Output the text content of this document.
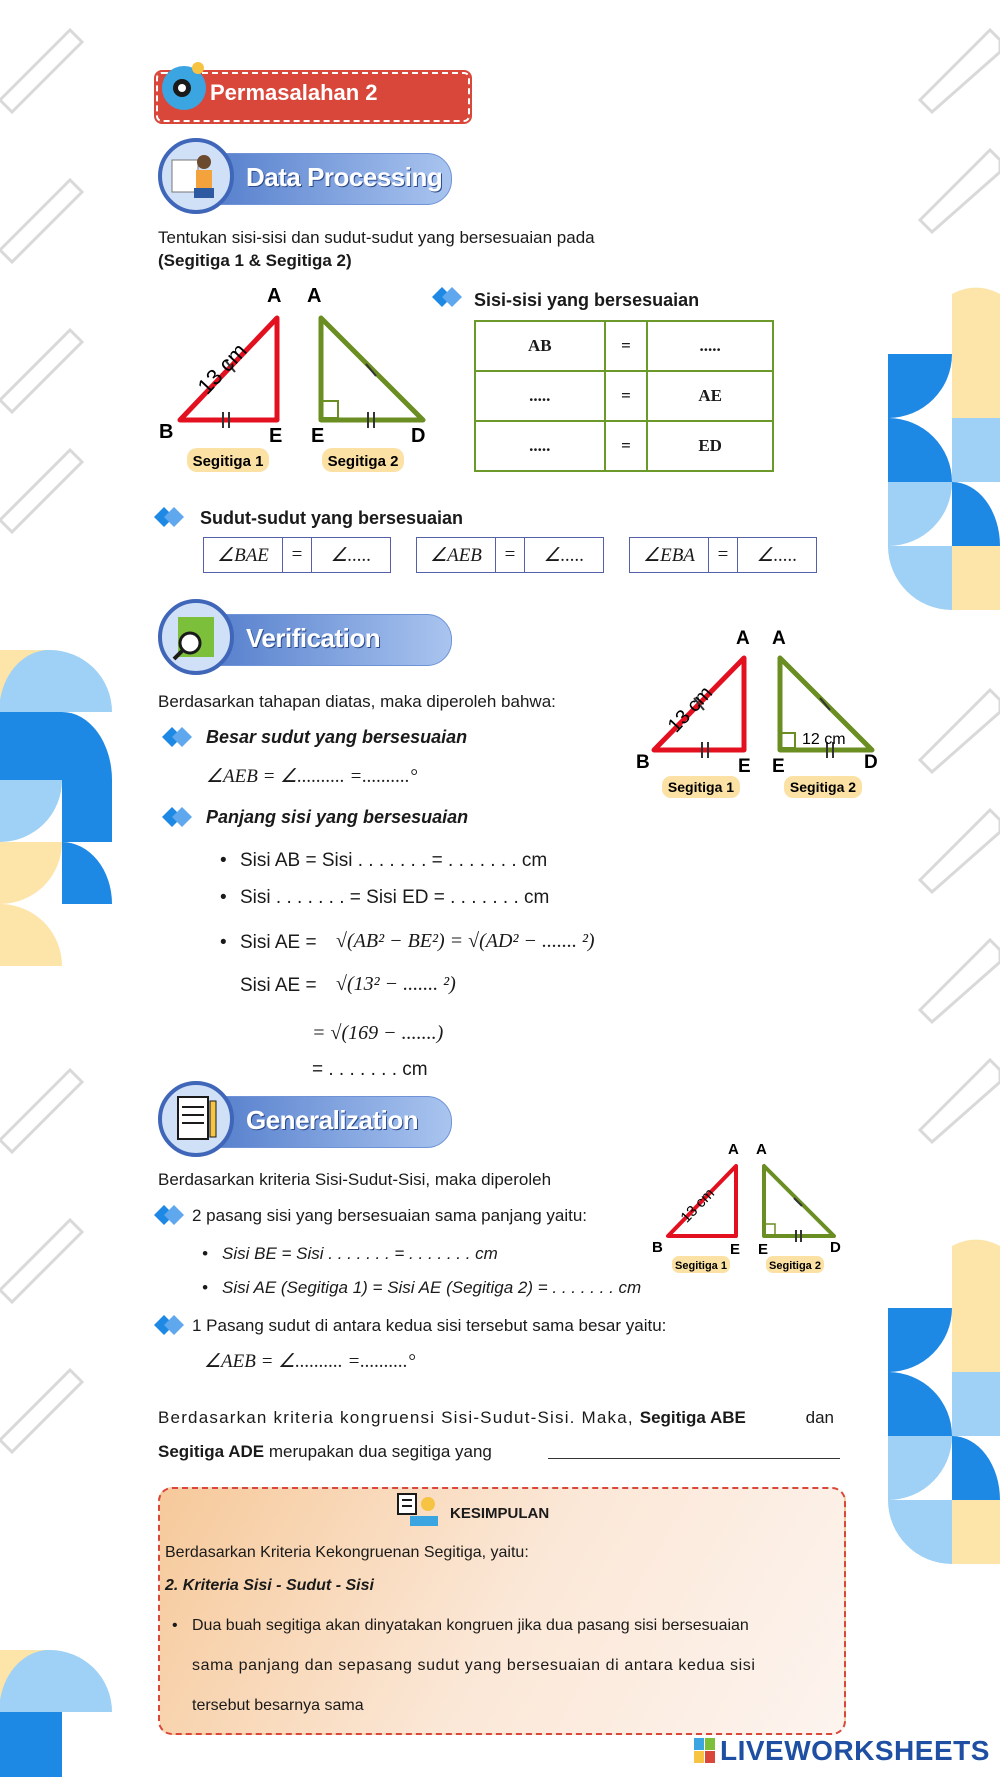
Permasalahan 2
Data Processing
Tentukan sisi-sisi dan sudut-sudut yang bersesuaian pada
(Segitiga 1 & Segitiga 2)
13 cm
A
B	E
A
E	D
Segitiga 1	Segitiga 2
Sisi-sisi yang bersesuaian
AB	=	.....
.....	=	AE
.....	=	ED
Sudut-sudut yang bersesuaian
∠BAE	=	∠.....	∠AEB	=	∠.....	∠EBA	=	∠.....
Verification
Berdasarkan tahapan diatas, maka diperoleh bahwa:	13 cm
12 cm
A
B	E
A
E	D
Segitiga 1	Segitiga 2
Besar sudut yang bersesuaian
∠AEB = ∠.......... =..........°
Panjang sisi yang bersesuaian
• Sisi AB = Sisi . . . . . . . = . . . . . . . cm
• Sisi . . . . . . . = Sisi ED = . . . . . . . cm
• Sisi AE = √(AB² − BE²) = √(AD² − ....... ²)
Sisi AE = √(13² − ....... ²)
= √(169 − .......)
= . . . . . . . cm
Generalization
Berdasarkan kriteria Sisi-Sudut-Sisi, maka diperoleh
13 cm
A
B	E
A
E	D
Segitiga 1	Segitiga 2
2 pasang sisi yang bersesuaian sama panjang yaitu:
• Sisi BE = Sisi . . . . . . . = . . . . . . . cm
• Sisi AE (Segitiga 1) = Sisi AE (Segitiga 2) = . . . . . . . cm
1 Pasang sudut di antara kedua sisi tersebut sama besar yaitu:
∠AEB = ∠.......... =..........°
Berdasarkan kriteria kongruensi Sisi-Sudut-Sisi. Maka, Segitiga ABE	dan
Segitiga ADE merupakan dua segitiga yang
KESIMPULAN
Berdasarkan Kriteria Kekongruenan Segitiga, yaitu:
2. Kriteria Sisi - Sudut - Sisi
• Dua buah segitiga akan dinyatakan kongruen jika dua pasang sisi bersesuaian
sama panjang dan sepasang sudut yang bersesuaian di antara kedua sisi
tersebut besarnya sama
LIVEWORKSHEETS
